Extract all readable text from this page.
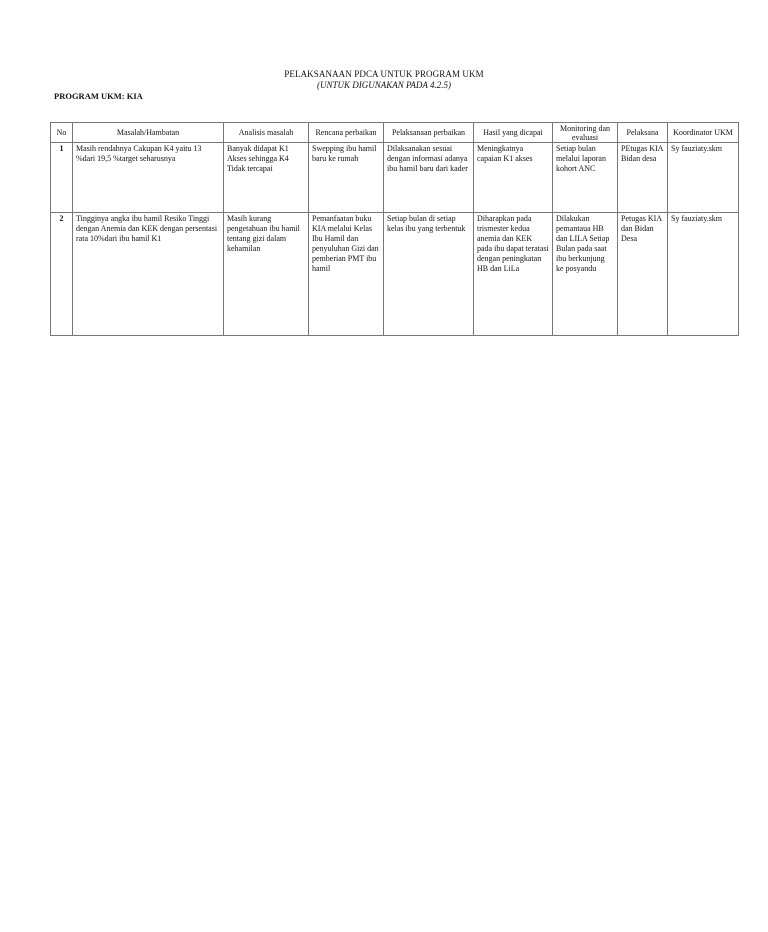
PELAKSANAAN PDCA UNTUK PROGRAM UKM
(UNTUK DIGUNAKAN PADA 4.2.5)
PROGRAM UKM: KIA
No	Masalah/Hambatan	Analisis masalah	Rencana perbaikan	Pelaksanaan perbaikan	Hasil yang dicapai	Monitoring dan evaluasi	Pelaksana	Koordinator UKM
1	Masih rendahnya Cakupan K4 yaitu 13 %dari 19,5 %target seharusnya	Banyak didapat K1 Akses sehingga K4 Tidak tercapai	Swepping ibu hamil baru ke rumah	Dilaksanakan sesuai dengan informasi adanya ibu hamil baru dari kader	Meningkatnya capaian K1 akses	Setiap bulan melalui laporan kohort ANC	PEtugas KIA Bidan desa	Sy fauziaty.skm
2	Tingginya angka ibu hamil Resiko Tinggi dengan Anemia dan KEK dengan persentasi rata 10%dari ibu hamil K1	Masih kurang pengetahuan ibu hamil tentang gizi dalam kehamilan	Pemanfaatan buku KIA melalui Kelas Ibu Hamil dan penyuluhan Gizi dan pemberian PMT ibu hamil	Setiap bulan di setiap kelas ibu yang terbentuk	Diharapkan pada trismester kedua anemia dan KEK pada ibu dapat teratasi dengan peningkatan HB dan LiLa	Dilakukan pemantaua HB dan LILA Setiap Bulan pada saat ibu berkunjung ke posyandu	Petugas KIA dan Bidan Desa	Sy fauziaty.skm
